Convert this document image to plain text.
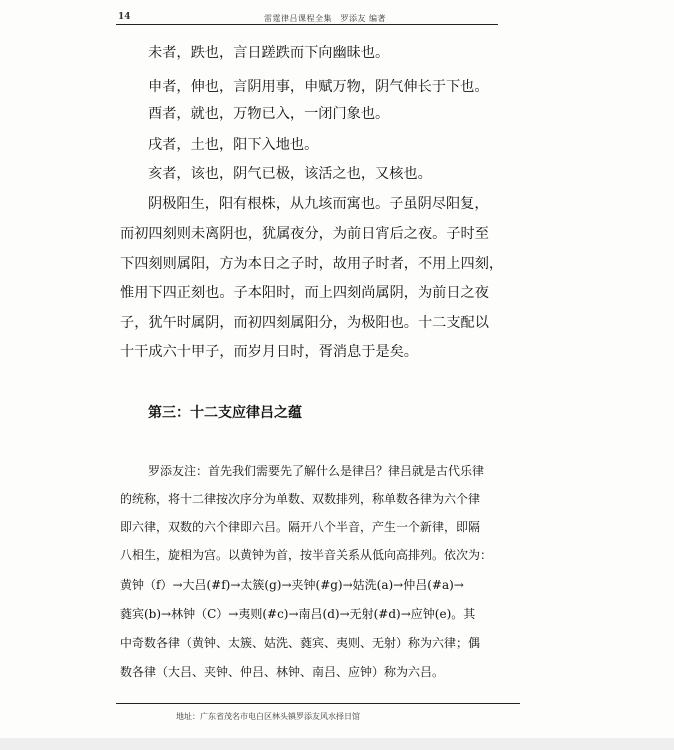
14	雷霆律吕课程全集　罗添友 编著
未者，跌也，言日蹉跌而下向幽昧也。
申者，伸也，言阴用事，申赋万物，阴气伸长于下也。
酉者，就也，万物已入，一闭门象也。
戌者，土也，阳下入地也。
亥者，该也，阴气已极，该活之也，又核也。
阴极阳生，阳有根株，从九垓而寓也。子虽阴尽阳复，
而初四刻则未离阴也，犹属夜分，为前日宵后之夜。子时至
下四刻则属阳，方为本日之子时，故用子时者，不用上四刻，
惟用下四正刻也。子本阳时，而上四刻尚属阴，为前日之夜
子，犹午时属阴，而初四刻属阳分，为极阳也。十二支配以
十干成六十甲子，而岁月日时，胥消息于是矣。
第三：十二支应律吕之蕴
罗添友注：首先我们需要先了解什么是律吕？律吕就是古代乐律
的统称，将十二律按次序分为单数、双数排列，称单数各律为六个律
即六律，双数的六个律即六吕。隔开八个半音，产生一个新律，即隔
八相生，旋相为宫。以黄钟为首，按半音关系从低向高排列。依次为：
黄钟（f）→大吕(#f)→太簇(g)→夹钟(#g)→姑洗(a)→仲吕(#a)→
蕤宾(b)→林钟（C）→夷则(#c)→南吕(d)→无射(#d)→应钟(e)。其
中奇数各律（黄钟、太簇、姑洗、蕤宾、夷则、无射）称为六律；偶
数各律（大吕、夹钟、仲吕、林钟、南吕、应钟）称为六吕。
地址：广东省茂名市电白区林头镇罗添友风水择日馆
